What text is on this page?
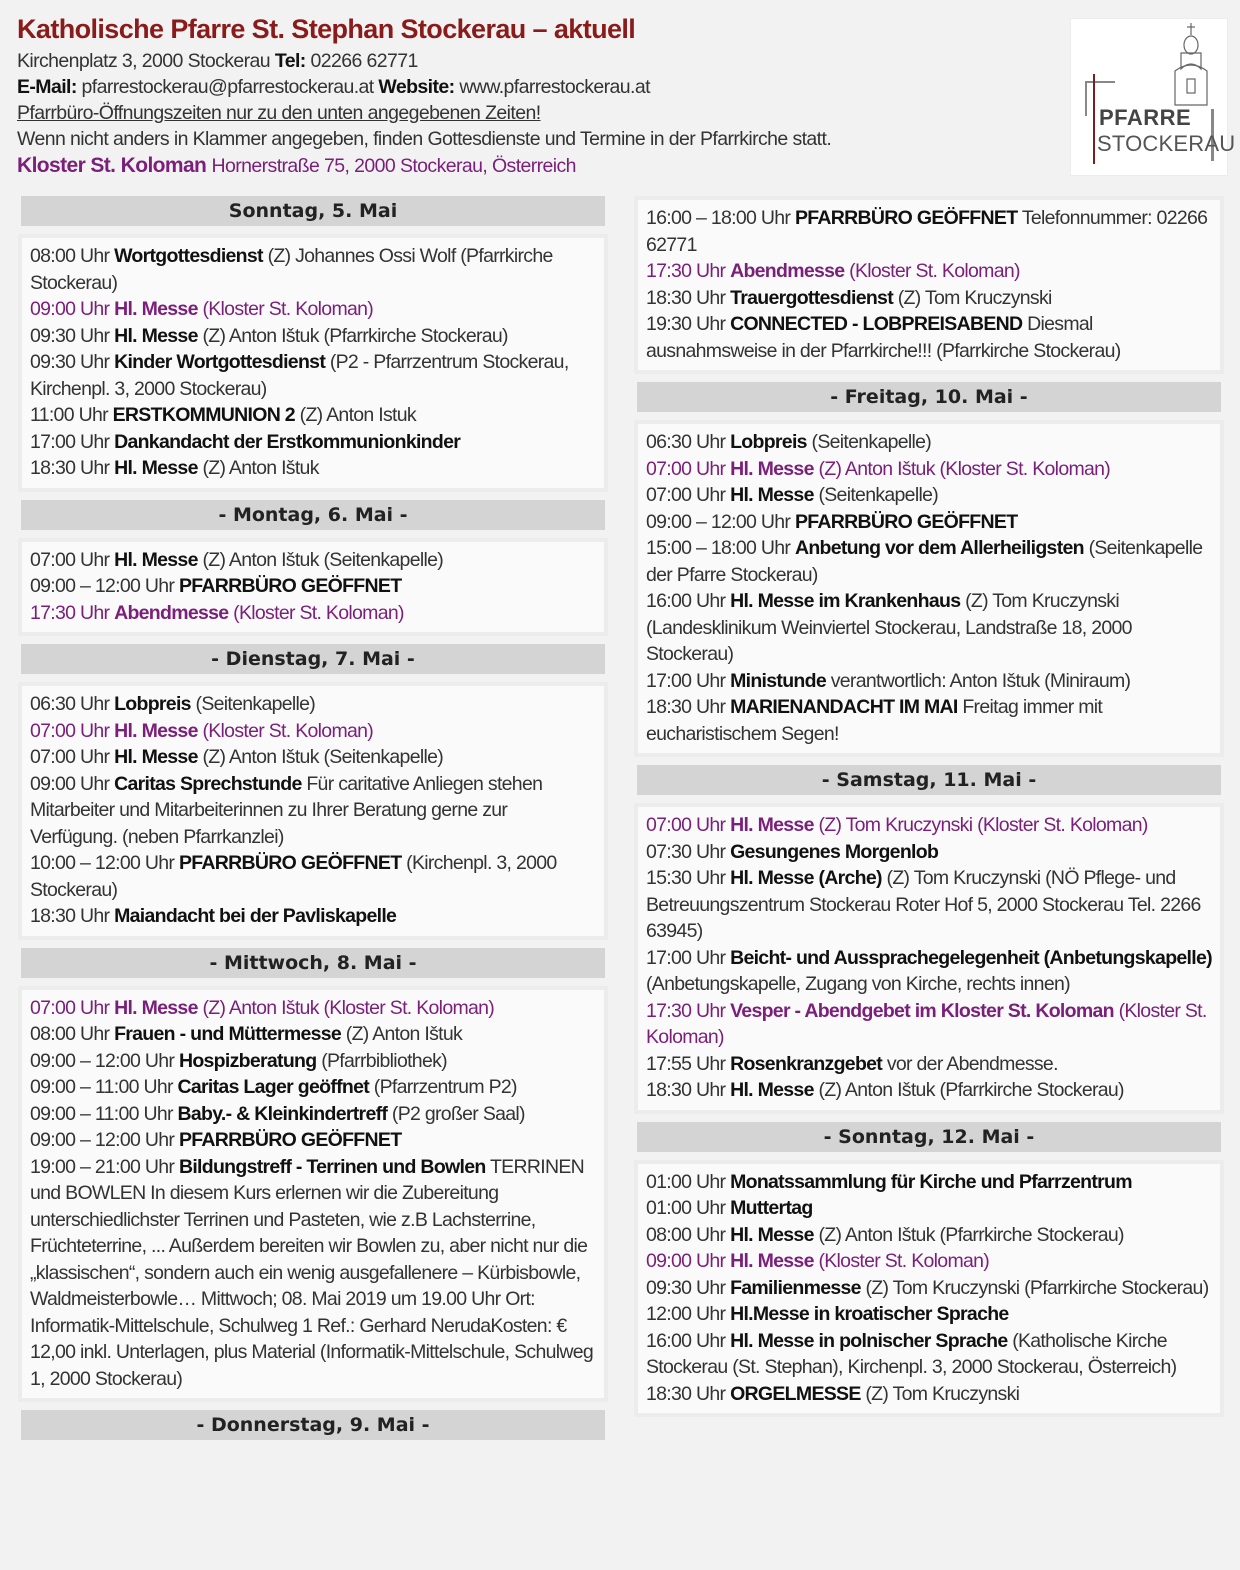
Katholische Pfarre St. Stephan Stockerau – aktuell
Kirchenplatz 3, 2000 Stockerau Tel: 02266 62771
E-Mail: pfarrestockerau@pfarrestockerau.at Website: www.pfarrestockerau.at
Pfarrbüro-Öffnungszeiten nur zu den unten angegebenen Zeiten!
Wenn nicht anders in Klammer angegeben, finden Gottesdienste und Termine in der Pfarrkirche statt.
Kloster St. Koloman Hornerstraße 75, 2000 Stockerau, Österreich
PFARRE
STOCKERAU
Sonntag, 5. Mai
08:00 Uhr Wortgottesdienst (Z) Johannes Ossi Wolf (Pfarrkirche Stockerau)
09:00 Uhr Hl. Messe (Kloster St. Koloman)
09:30 Uhr Hl. Messe (Z) Anton Ištuk (Pfarrkirche Stockerau)
09:30 Uhr Kinder Wortgottesdienst (P2 - Pfarrzentrum Stockerau, Kirchenpl. 3, 2000 Stockerau)
11:00 Uhr ERSTKOMMUNION 2 (Z) Anton Istuk
17:00 Uhr Dankandacht der Erstkommunionkinder
18:30 Uhr Hl. Messe (Z) Anton Ištuk
- Montag, 6. Mai -
07:00 Uhr Hl. Messe (Z) Anton Ištuk (Seitenkapelle)
09:00 – 12:00 Uhr PFARRBÜRO GEÖFFNET
17:30 Uhr Abendmesse (Kloster St. Koloman)
- Dienstag, 7. Mai -
06:30 Uhr Lobpreis (Seitenkapelle)
07:00 Uhr Hl. Messe (Kloster St. Koloman)
07:00 Uhr Hl. Messe (Z) Anton Ištuk (Seitenkapelle)
09:00 Uhr Caritas Sprechstunde Für caritative Anliegen stehen Mitarbeiter und Mitarbeiterinnen zu Ihrer Beratung gerne zur Verfügung. (neben Pfarrkanzlei)
10:00 – 12:00 Uhr PFARRBÜRO GEÖFFNET (Kirchenpl. 3, 2000 Stockerau)
18:30 Uhr Maiandacht bei der Pavliskapelle
- Mittwoch, 8. Mai -
07:00 Uhr Hl. Messe (Z) Anton Ištuk (Kloster St. Koloman)
08:00 Uhr Frauen - und Müttermesse (Z) Anton Ištuk
09:00 – 12:00 Uhr Hospizberatung (Pfarrbibliothek)
09:00 – 11:00 Uhr Caritas Lager geöffnet (Pfarrzentrum P2)
09:00 – 11:00 Uhr Baby.- & Kleinkindertreff (P2 großer Saal)
09:00 – 12:00 Uhr PFARRBÜRO GEÖFFNET
19:00 – 21:00 Uhr Bildungstreff - Terrinen und Bowlen TERRINEN und BOWLEN In diesem Kurs erlernen wir die Zubereitung unterschiedlichster Terrinen und Pasteten, wie z.B Lachsterrine, Früchteterrine, ... Außerdem bereiten wir Bowlen zu, aber nicht nur die „klassischen“, sondern auch ein wenig ausgefallenere – Kürbisbowle, Waldmeisterbowle… Mittwoch; 08. Mai 2019 um 19.00 Uhr Ort: Informatik-Mittelschule, Schulweg 1 Ref.: Gerhard NerudaKosten: € 12,00 inkl. Unterlagen, plus Material (Informatik-Mittelschule, Schulweg 1, 2000 Stockerau)
- Donnerstag, 9. Mai -
16:00 – 18:00 Uhr PFARRBÜRO GEÖFFNET Telefonnummer: 02266 62771
17:30 Uhr Abendmesse (Kloster St. Koloman)
18:30 Uhr Trauergottesdienst (Z) Tom Kruczynski
19:30 Uhr CONNECTED - LOBPREISABEND Diesmal ausnahmsweise in der Pfarrkirche!!! (Pfarrkirche Stockerau)
- Freitag, 10. Mai -
06:30 Uhr Lobpreis (Seitenkapelle)
07:00 Uhr Hl. Messe (Z) Anton Ištuk (Kloster St. Koloman)
07:00 Uhr Hl. Messe (Seitenkapelle)
09:00 – 12:00 Uhr PFARRBÜRO GEÖFFNET
15:00 – 18:00 Uhr Anbetung vor dem Allerheiligsten (Seitenkapelle der Pfarre Stockerau)
16:00 Uhr Hl. Messe im Krankenhaus (Z) Tom Kruczynski (Landesklinikum Weinviertel Stockerau, Landstraße 18, 2000 Stockerau)
17:00 Uhr Ministunde verantwortlich: Anton Ištuk (Miniraum)
18:30 Uhr MARIENANDACHT IM MAI Freitag immer mit eucharistischem Segen!
- Samstag, 11. Mai -
07:00 Uhr Hl. Messe (Z) Tom Kruczynski (Kloster St. Koloman)
07:30 Uhr Gesungenes Morgenlob
15:30 Uhr Hl. Messe (Arche) (Z) Tom Kruczynski (NÖ Pflege- und Betreuungszentrum Stockerau Roter Hof 5, 2000 Stockerau Tel. 2266 63945)
17:00 Uhr Beicht- und Aussprachegelegenheit (Anbetungskapelle) (Anbetungskapelle, Zugang von Kirche, rechts innen)
17:30 Uhr Vesper - Abendgebet im Kloster St. Koloman (Kloster St. Koloman)
17:55 Uhr Rosenkranzgebet vor der Abendmesse.
18:30 Uhr Hl. Messe (Z) Anton Ištuk (Pfarrkirche Stockerau)
- Sonntag, 12. Mai -
01:00 Uhr Monatssammlung für Kirche und Pfarrzentrum
01:00 Uhr Muttertag
08:00 Uhr Hl. Messe (Z) Anton Ištuk (Pfarrkirche Stockerau)
09:00 Uhr Hl. Messe (Kloster St. Koloman)
09:30 Uhr Familienmesse (Z) Tom Kruczynski (Pfarrkirche Stockerau)
12:00 Uhr Hl.Messe in kroatischer Sprache
16:00 Uhr Hl. Messe in polnischer Sprache (Katholische Kirche Stockerau (St. Stephan), Kirchenpl. 3, 2000 Stockerau, Österreich)
18:30 Uhr ORGELMESSE (Z) Tom Kruczynski
